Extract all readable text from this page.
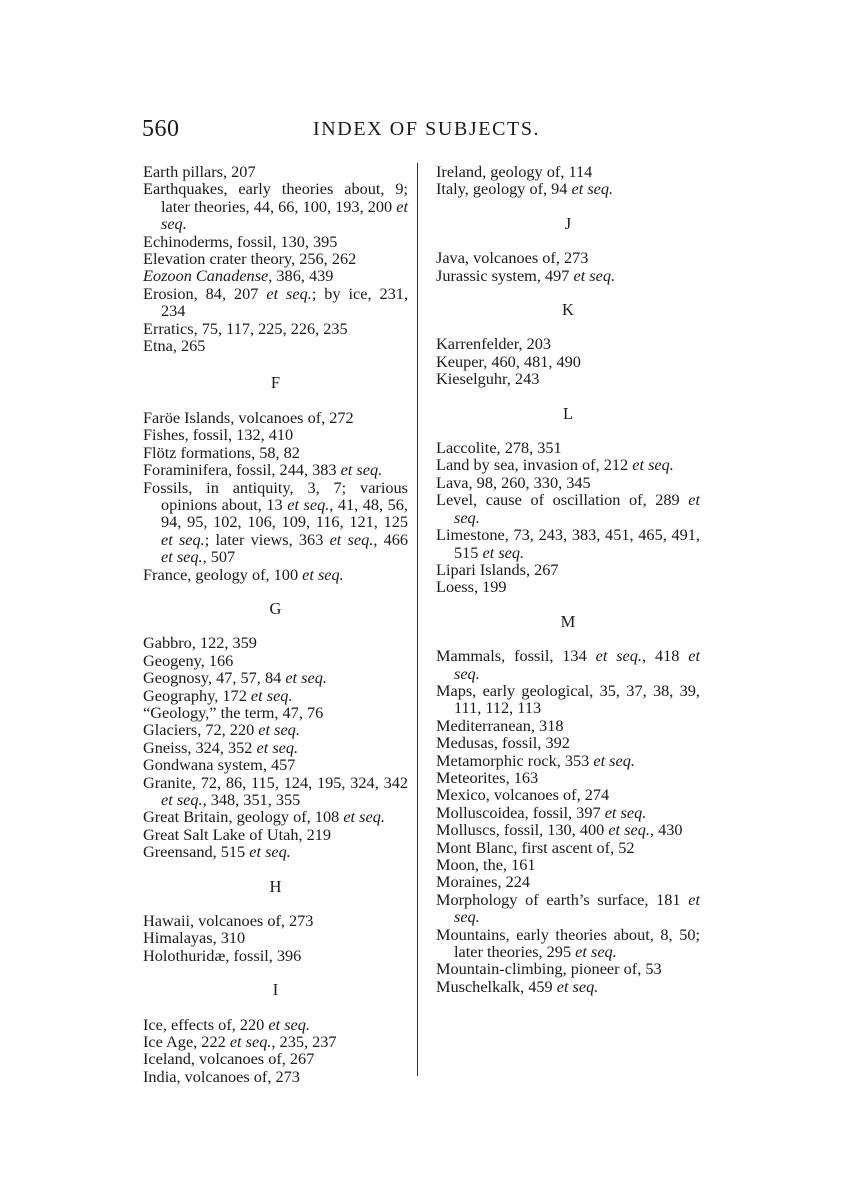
560	INDEX OF SUBJECTS.
Earth pillars, 207
Earthquakes, early theories about, 9; later theories, 44, 66, 100, 193, 200 et seq.
Echinoderms, fossil, 130, 395
Elevation crater theory, 256, 262
Eozoon Canadense, 386, 439
Erosion, 84, 207 et seq.; by ice, 231, 234
Erratics, 75, 117, 225, 226, 235
Etna, 265
F
Faröe Islands, volcanoes of, 272
Fishes, fossil, 132, 410
Flötz formations, 58, 82
Foraminifera, fossil, 244, 383 et seq.
Fossils, in antiquity, 3, 7; various opinions about, 13 et seq., 41, 48, 56, 94, 95, 102, 106, 109, 116, 121, 125 et seq.; later views, 363 et seq., 466 et seq., 507
France, geology of, 100 et seq.
G
Gabbro, 122, 359
Geogeny, 166
Geognosy, 47, 57, 84 et seq.
Geography, 172 et seq.
“Geology,” the term, 47, 76
Glaciers, 72, 220 et seq.
Gneiss, 324, 352 et seq.
Gondwana system, 457
Granite, 72, 86, 115, 124, 195, 324, 342 et seq., 348, 351, 355
Great Britain, geology of, 108 et seq.
Great Salt Lake of Utah, 219
Greensand, 515 et seq.
H
Hawaii, volcanoes of, 273
Himalayas, 310
Holothuridæ, fossil, 396
I
Ice, effects of, 220 et seq.
Ice Age, 222 et seq., 235, 237
Iceland, volcanoes of, 267
India, volcanoes of, 273
Ireland, geology of, 114
Italy, geology of, 94 et seq.
J
Java, volcanoes of, 273
Jurassic system, 497 et seq.
K
Karrenfelder, 203
Keuper, 460, 481, 490
Kieselguhr, 243
L
Laccolite, 278, 351
Land by sea, invasion of, 212 et seq.
Lava, 98, 260, 330, 345
Level, cause of oscillation of, 289 et seq.
Limestone, 73, 243, 383, 451, 465, 491, 515 et seq.
Lipari Islands, 267
Loess, 199
M
Mammals, fossil, 134 et seq., 418 et seq.
Maps, early geological, 35, 37, 38, 39, 111, 112, 113
Mediterranean, 318
Medusas, fossil, 392
Metamorphic rock, 353 et seq.
Meteorites, 163
Mexico, volcanoes of, 274
Molluscoidea, fossil, 397 et seq.
Molluscs, fossil, 130, 400 et seq., 430
Mont Blanc, first ascent of, 52
Moon, the, 161
Moraines, 224
Morphology of earth’s surface, 181 et seq.
Mountains, early theories about, 8, 50; later theories, 295 et seq.
Mountain-climbing, pioneer of, 53
Muschelkalk, 459 et seq.
